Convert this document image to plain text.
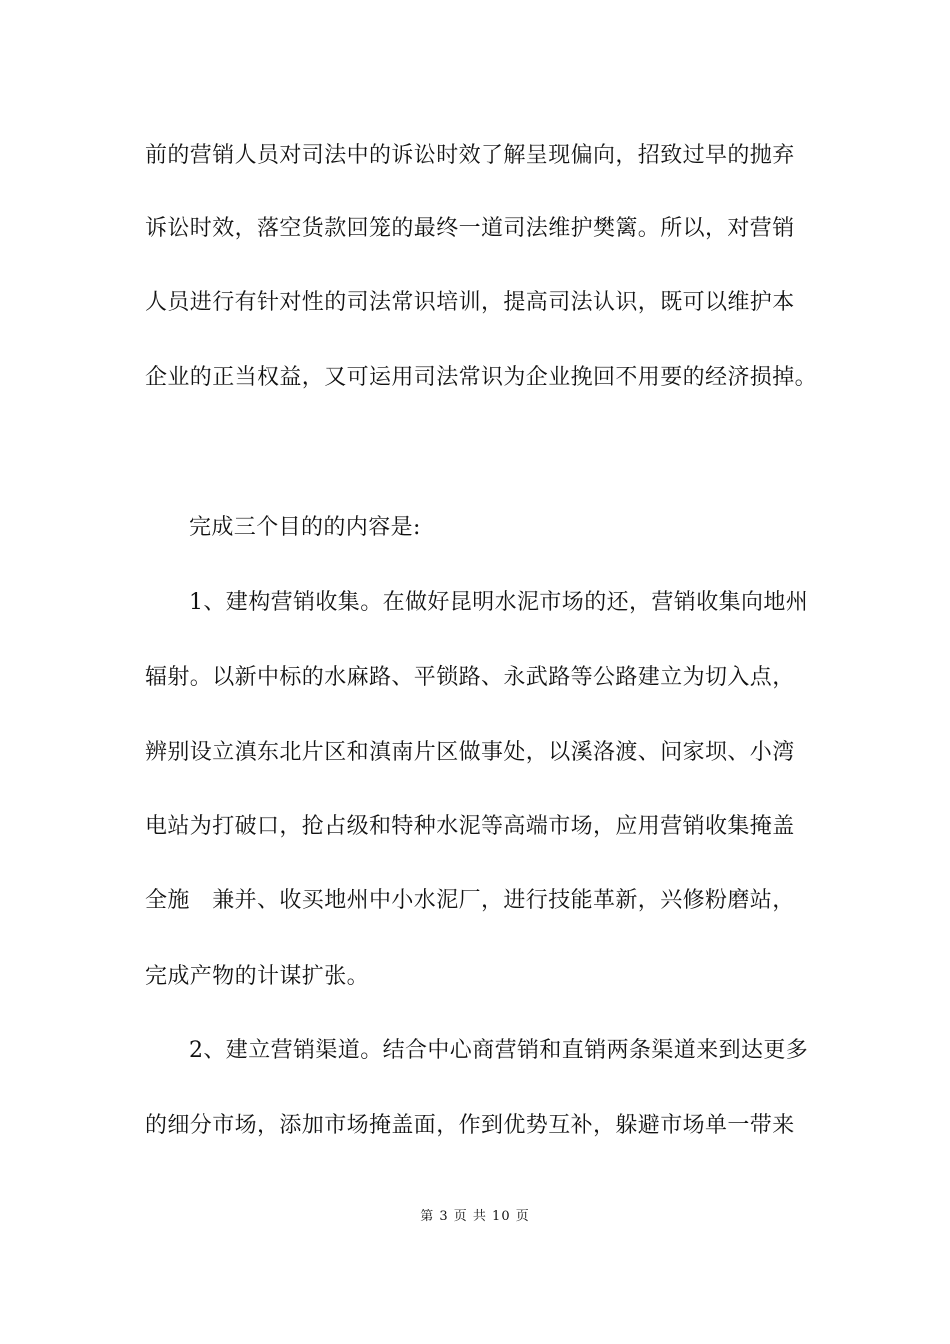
前的营销人员对司法中的诉讼时效了解呈现偏向，招致过早的抛弃
诉讼时效，落空货款回笼的最终一道司法维护樊篱。所以，对营销
人员进行有针对性的司法常识培训，提高司法认识，既可以维护本
企业的正当权益，又可运用司法常识为企业挽回不用要的经济损掉。
完成三个目的的内容是:
1、建构营销收集。在做好昆明水泥市场的还，营销收集向地州
辐射。以新中标的水麻路、平锁路、永武路等公路建立为切入点，
辨别设立滇东北片区和滇南片区做事处，以溪洛渡、问家坝、小湾
电站为打破口，抢占级和特种水泥等高端市场，应用营销收集掩盖
全施　兼并、收买地州中小水泥厂，进行技能革新，兴修粉磨站，
完成产物的计谋扩张。
2、建立营销渠道。结合中心商营销和直销两条渠道来到达更多
的细分市场，添加市场掩盖面，作到优势互补，躲避市场单一带来
第 3 页 共 10 页
